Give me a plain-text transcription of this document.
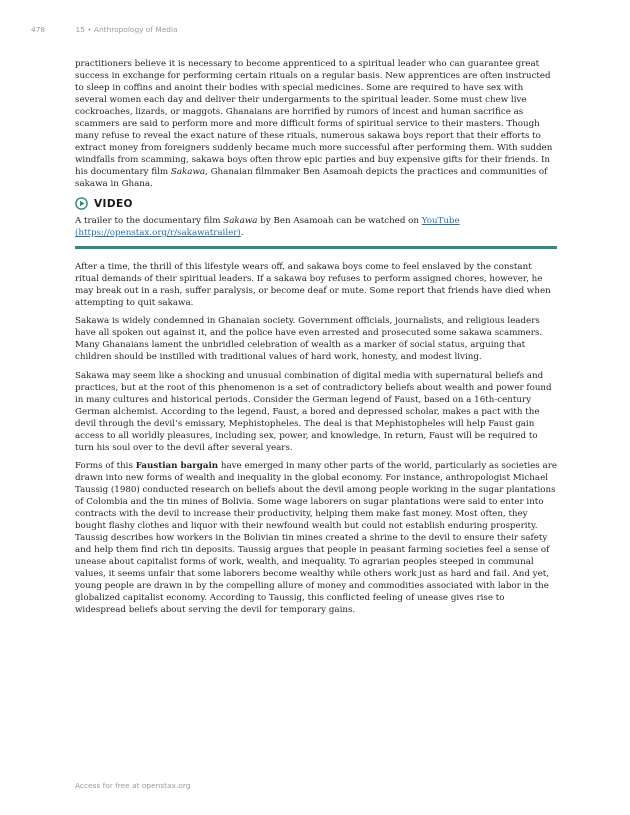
478	15 • Anthropology of Media

practitioners believe it is necessary to become apprenticed to a spiritual leader who can guarantee great success in exchange for performing certain rituals on a regular basis. New apprentices are often instructed to sleep in coffins and anoint their bodies with special medicines. Some are required to have sex with several women each day and deliver their undergarments to the spiritual leader. Some must chew live cockroaches, lizards, or maggots. Ghanaians are horrified by rumors of incest and human sacrifice as scammers are said to perform more and more difficult forms of spiritual service to their masters. Though many refuse to reveal the exact nature of these rituals, numerous sakawa boys report that their efforts to extract money from foreigners suddenly became much more successful after performing them. With sudden windfalls from scamming, sakawa boys often throw epic parties and buy expensive gifts for their friends. In his documentary film Sakawa, Ghanaian filmmaker Ben Asamoah depicts the practices and communities of sakawa in Ghana.

VIDEO

A trailer to the documentary film Sakawa by Ben Asamoah can be watched on YouTube (https://openstax.org/r/sakawatrailer).

After a time, the thrill of this lifestyle wears off, and sakawa boys come to feel enslaved by the constant ritual demands of their spiritual leaders. If a sakawa boy refuses to perform assigned chores, however, he may break out in a rash, suffer paralysis, or become deaf or mute. Some report that friends have died when attempting to quit sakawa.

Sakawa is widely condemned in Ghanaian society. Government officials, journalists, and religious leaders have all spoken out against it, and the police have even arrested and prosecuted some sakawa scammers. Many Ghanaians lament the unbridled celebration of wealth as a marker of social status, arguing that children should be instilled with traditional values of hard work, honesty, and modest living.

Sakawa may seem like a shocking and unusual combination of digital media with supernatural beliefs and practices, but at the root of this phenomenon is a set of contradictory beliefs about wealth and power found in many cultures and historical periods. Consider the German legend of Faust, based on a 16th-century German alchemist. According to the legend, Faust, a bored and depressed scholar, makes a pact with the devil through the devil’s emissary, Mephistopheles. The deal is that Mephistopheles will help Faust gain access to all worldly pleasures, including sex, power, and knowledge. In return, Faust will be required to turn his soul over to the devil after several years.

Forms of this Faustian bargain have emerged in many other parts of the world, particularly as societies are drawn into new forms of wealth and inequality in the global economy. For instance, anthropologist Michael Taussig (1980) conducted research on beliefs about the devil among people working in the sugar plantations of Colombia and the tin mines of Bolivia. Some wage laborers on sugar plantations were said to enter into contracts with the devil to increase their productivity, helping them make fast money. Most often, they bought flashy clothes and liquor with their newfound wealth but could not establish enduring prosperity. Taussig describes how workers in the Bolivian tin mines created a shrine to the devil to ensure their safety and help them find rich tin deposits. Taussig argues that people in peasant farming societies feel a sense of unease about capitalist forms of work, wealth, and inequality. To agrarian peoples steeped in communal values, it seems unfair that some laborers become wealthy while others work just as hard and fail. And yet, young people are drawn in by the compelling allure of money and commodities associated with labor in the globalized capitalist economy. According to Taussig, this conflicted feeling of unease gives rise to widespread beliefs about serving the devil for temporary gains.

Access for free at openstax.org
